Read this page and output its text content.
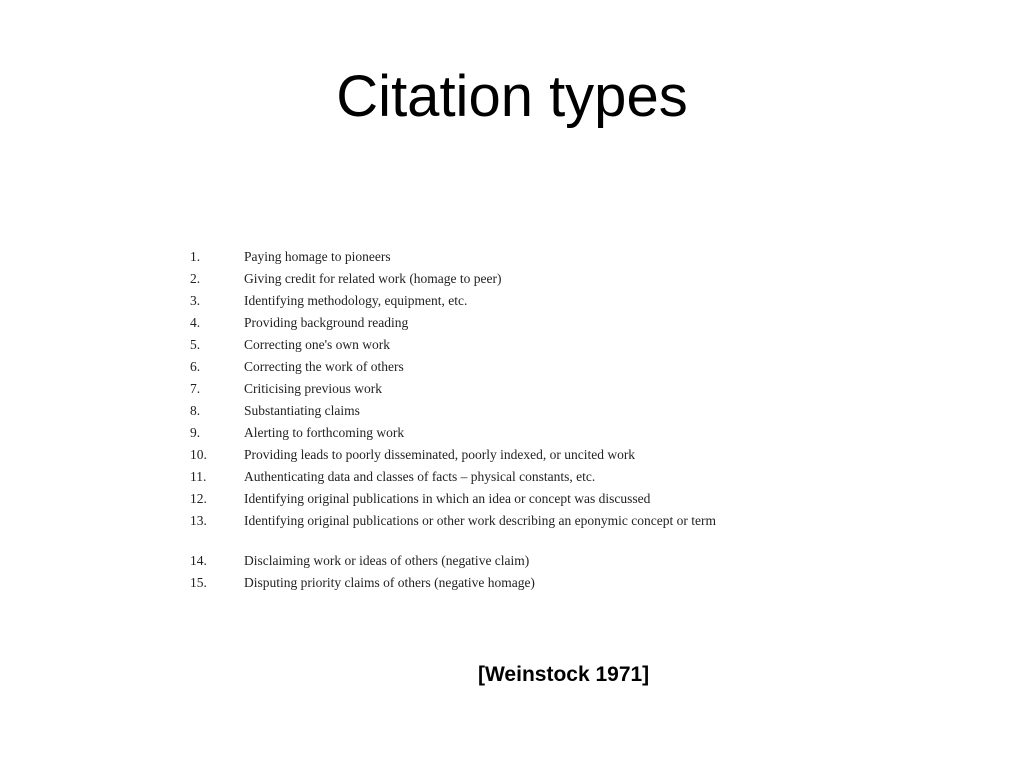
Citation types
1.	Paying homage to pioneers
2.	Giving credit for related work (homage to peer)
3.	Identifying methodology, equipment, etc.
4.	Providing background reading
5.	Correcting one's own work
6.	Correcting the work of others
7.	Criticising previous work
8.	Substantiating claims
9.	Alerting to forthcoming work
10.	Providing leads to poorly disseminated, poorly indexed, or uncited work
11.	Authenticating data and classes of facts – physical constants, etc.
12.	Identifying original publications in which an idea or concept was discussed
13.	Identifying original publications or other work describing an eponymic concept or term
14.	Disclaiming work or ideas of others (negative claim)
15.	Disputing priority claims of others (negative homage)
[Weinstock 1971]
